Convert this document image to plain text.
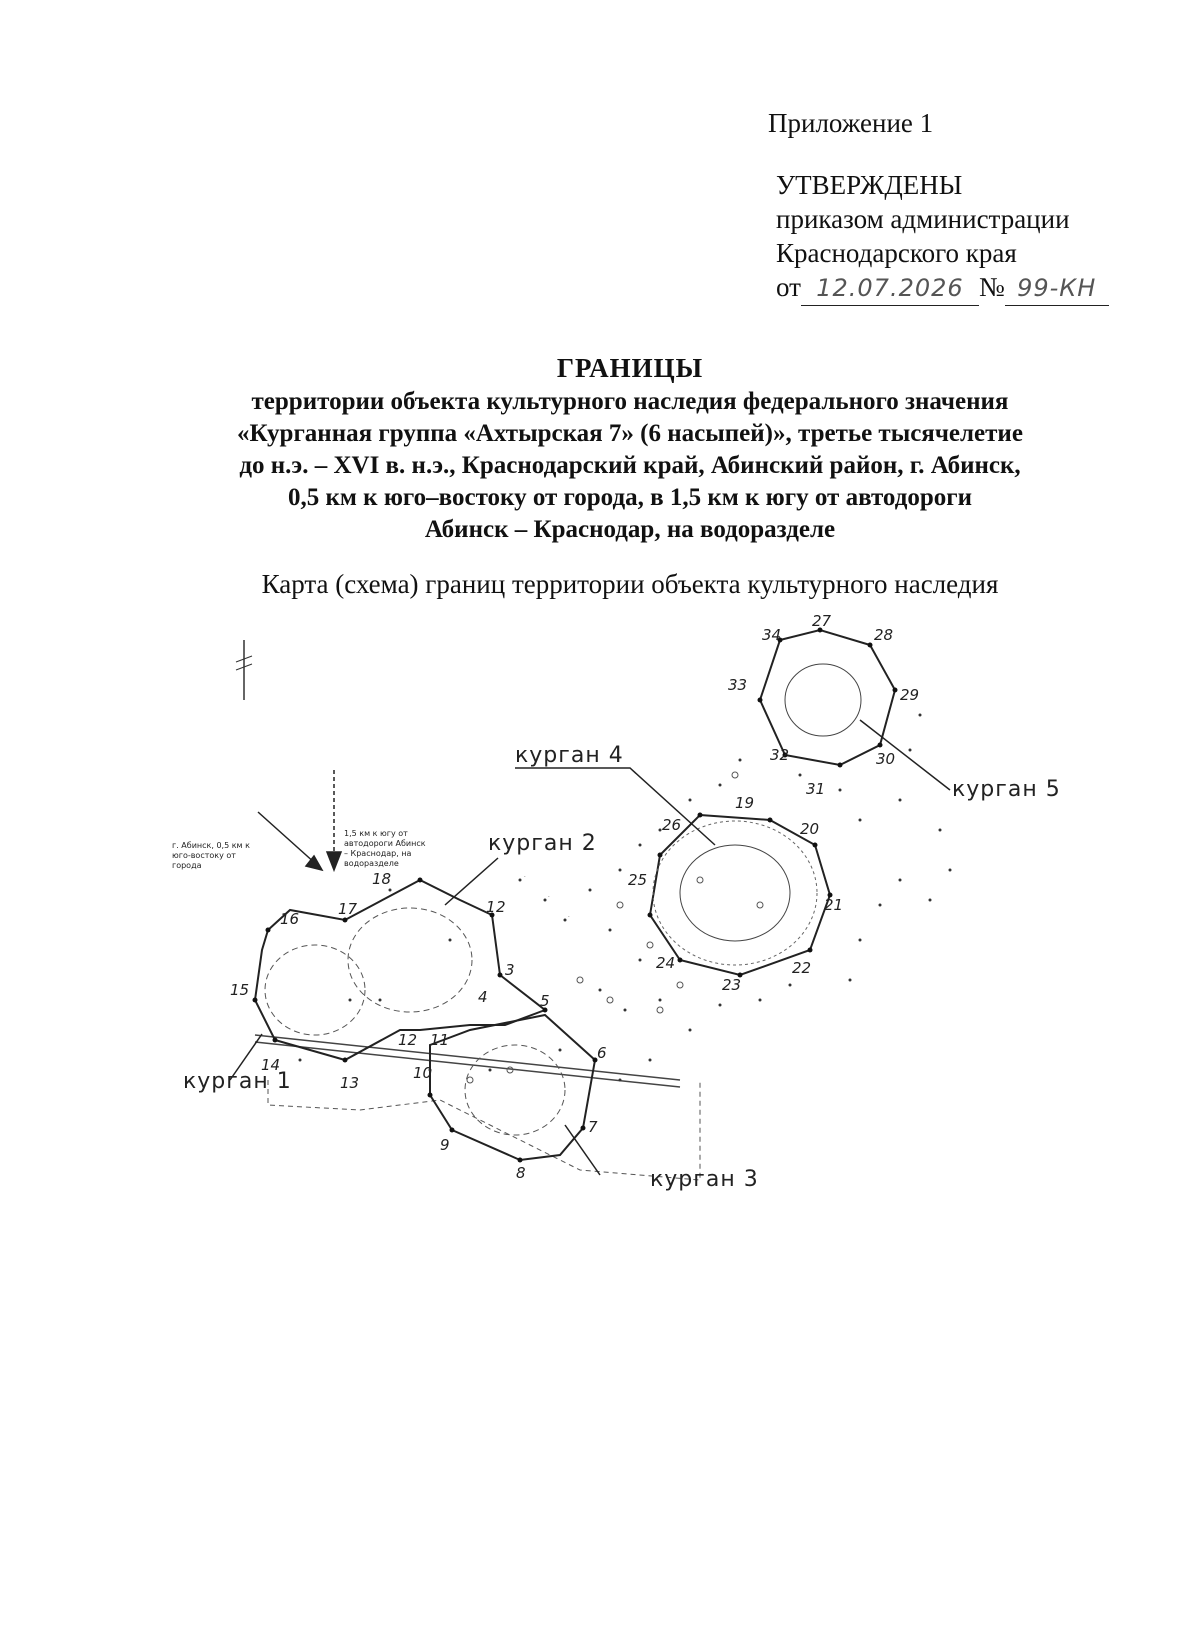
Приложение 1
УТВЕРЖДЕНЫ
приказом администрации
Краснодарского края
от 12.07.2026 № 99-КН
ГРАНИЦЫ
территории объекта культурного наследия федерального значения
«Курганная группа «Ахтырская 7» (6 насыпей)», третье тысячелетие
до н.э. – XVI в. н.э., Краснодарский край, Абинский район, г. Абинск,
0,5 км к юго–востоку от города, в 1,5 км к югу от автодороги
Абинск – Краснодар, на водоразделе
Карта (схема) границ территории объекта культурного наследия
·
·
·
курган 1
курган 2
курган 3
курган 4
курган 5
г. Абинск, 0,5 км к
юго-востоку от
города
1,5 км к югу от
автодороги Абинск
– Краснодар, на
водоразделе
1 2
3
4	5
6
7
8
9
10
11
12
13
14
15
16
17
18
19
20
21
22
23
24
25
26
27
28
29
30
31
32
33
34
